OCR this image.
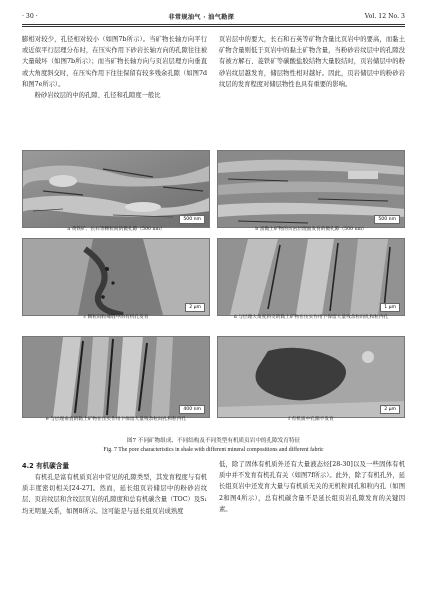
· 30 ·	非常规油气 · 油气勘探	Vol. 12 No. 3

膨相对较少，孔径相对较小（如图7b所示）。当矿物长轴方向平行或近似平行层理分布时，在压实作用下砂岩长轴方向的孔隙往往被大量破坏（如图7b所示）；而当矿物长轴方向与页岩层理方向垂直或大角度斜交时，在压实作用下往往保留有较多残余孔隙（如图7d和图7e所示）。

粉砂岩纹层的中的孔隙、孔径和孔隙度一般比

页岩层中的要大，长石和石英等矿物含量比页岩中的要高，而黏土矿物含量则低于页岩中的黏土矿物含量，当粉砂岩纹层中的孔隙没有被方解石、菱铁矿等碳酸盐胶结物大量胶结时，页岩储层中的粉砂岩纹层越发育，储层物性相对越好。因此，页岩储层中的粉砂岩纹层的发育程度对储层物性也具有重要的影响。

500 nm
a 黄铁矿、长石等颗粒间的微孔隙（500 nm）
500 nm
b 富黏土矿物的页岩层理面发育的微孔隙（500 nm）
2 μm
c 颗粒间粒缘缝中的有机孔发育
1 μm
d 与层理大角度斜交的黏土矿物在压实作用下保留大量残余粒间孔和粒内孔
400 nm
e 与层理垂直的黏土矿物在压实作用下保留大量残余粒间孔和粒内孔
2 μm
f 有机质中孔隙不发育
图7 不同矿物组成、不同结构及不同类型有机质页岩中的孔隙发育特征
Fig. 7 The pore characteristics in shale with different mineral compositions and different fabric
4.2 有机碳含量

有机孔是富有机质页岩中常见的孔隙类型，其发育程度与有机质丰度密切相关[24-27]。然而，延长组页岩储层中的粉砂岩纹层、页岩纹层和含纹层页岩的孔隙度和总有机碳含量（TOC）及S₁均无明显关系，如图8所示。这可能是与延长组页岩成熟度

低，除了固体有机质外还有大量液态烃[28-30]以及一些固体有机质中并不发育有机孔有关（如图7f所示）。此外，除了有机孔外，延长组页岩中还发育大量与有机质无关的无机粒间孔和粒内孔（如图2和图4所示），总有机碳含量不是延长组页岩孔隙发育的关键因素。
